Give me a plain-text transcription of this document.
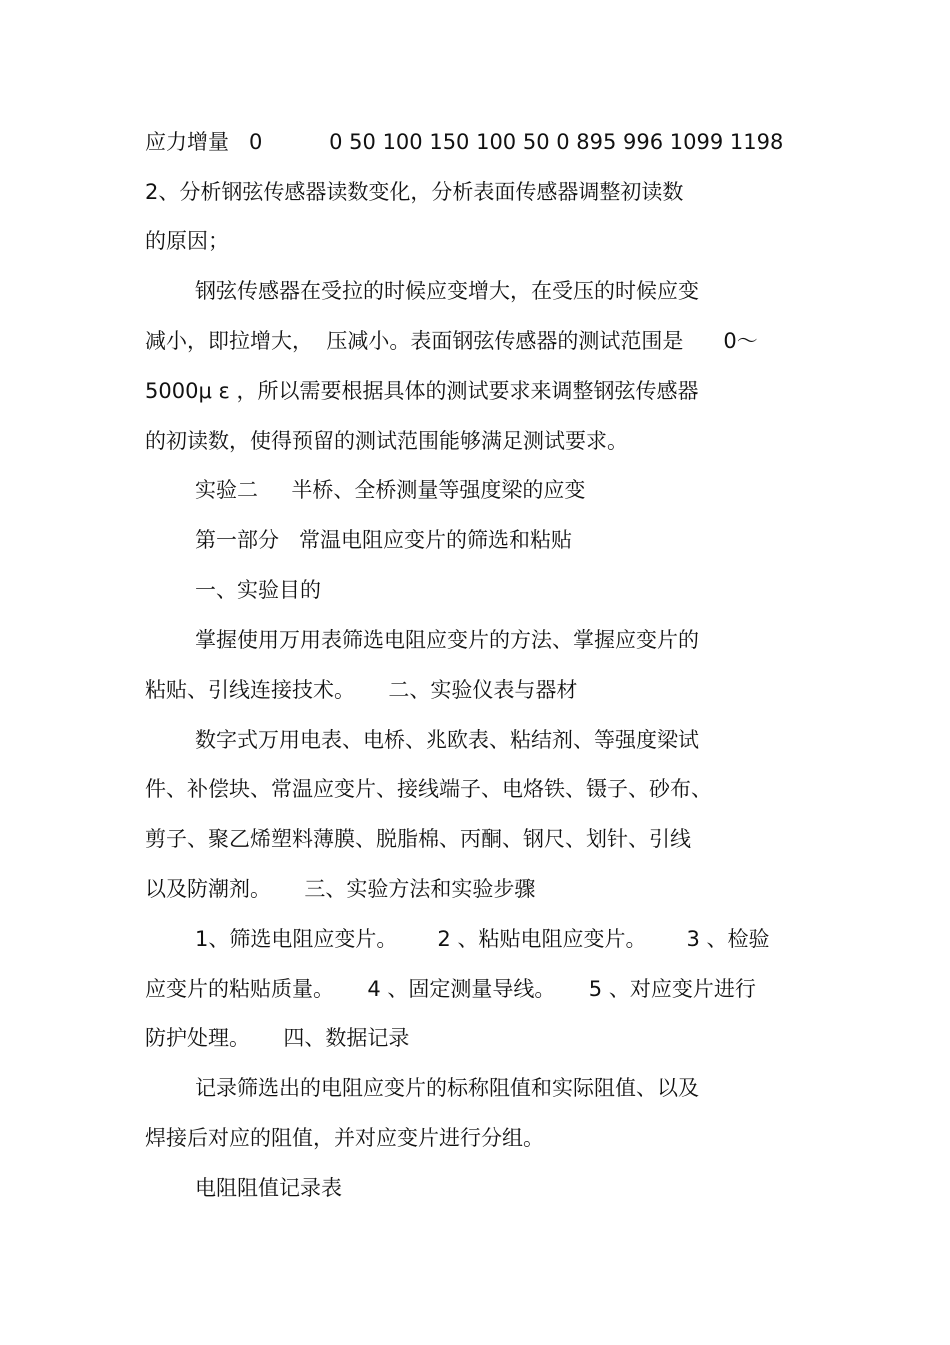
应力增量   0          0 50 100 150 100 50 0 895 996 1099 1198

2、分析钢弦传感器读数变化，分析表面传感器调整初读数

的原因；

钢弦传感器在受拉的时候应变增大，在受压的时候应变

减小，即拉增大，  压减小。表面钢弦传感器的测试范围是      0～

5000μ ε ，所以需要根据具体的测试要求来调整钢弦传感器

的初读数，使得预留的测试范围能够满足测试要求。

实验二     半桥、全桥测量等强度梁的应变

第一部分   常温电阻应变片的筛选和粘贴

一、实验目的

掌握使用万用表筛选电阻应变片的方法、掌握应变片的

粘贴、引线连接技术。     二、实验仪表与器材

数字式万用电表、电桥、兆欧表、粘结剂、等强度梁试

件、补偿块、常温应变片、接线端子、电烙铁、镊子、砂布、

剪子、聚乙烯塑料薄膜、脱脂棉、丙酮、钢尺、划针、引线

以及防潮剂。     三、实验方法和实验步骤

1、筛选电阻应变片。      2 、粘贴电阻应变片。      3 、检验

应变片的粘贴质量。     4 、固定测量导线。     5 、对应变片进行

防护处理。     四、数据记录

记录筛选出的电阻应变片的标称阻值和实际阻值、以及

焊接后对应的阻值，并对应变片进行分组。

电阻阻值记录表
